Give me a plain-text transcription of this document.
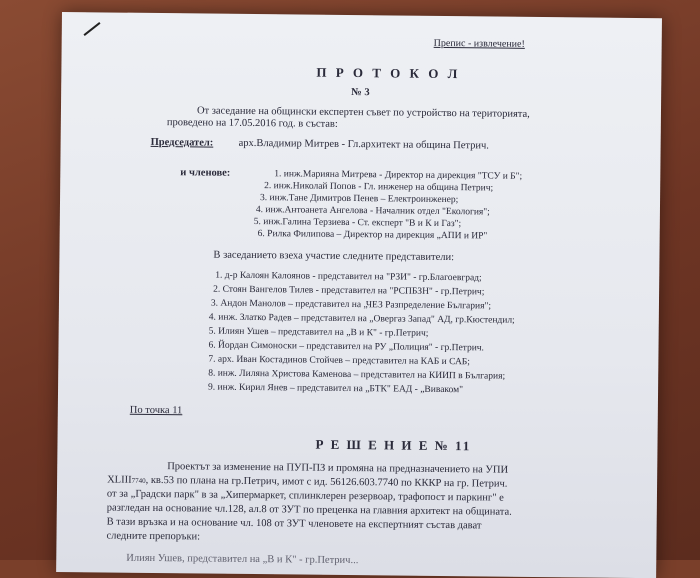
Препис - извлечение!
П Р О Т О К О Л
№ 3
От заседание на общински експертен съвет по устройство на територията,
проведено на 17.05.2016 год. в състав:
Председател: арх.Владимир Митрев - Гл.архитект на община Петрич.
и членове:	1. инж.Марияна Митрева - Директор на дирекция "ТСУ и Б";
2. инж.Николай Попов - Гл. инженер на община Петрич;
3. инж.Тане Димитров Пенев – Електроинженер;
4. инж.Антоанета Ангелова - Началник отдел "Екология";
5. инж.Галина Терзиева - Ст. експерт "В и К и Газ";
6. Рилка Филипова – Директор на дирекция „АПИ и ИР"
В заседанието взеха участие следните представители:
1. д-р Калоян Калоянов - представител на "РЗИ" - гр.Благоевград;
2. Стоян Вангелов Тилев - представител на "РСПБЗН" - гр.Петрич;
3. Андон Манолов – представител на „ЧЕЗ Разпределение България";
4. инж. Златко Радев – представител на „Овергаз Запад" АД, гр.Кюстендил;
5. Илиян Ушев – представител на „В и К" - гр.Петрич;
6. Йордан Симоноски – представител на РУ „Полиция" - гр.Петрич.
7. арх. Иван Костадинов Стойчев – представител на КАБ и САБ;
8. инж. Лиляна Христова Каменова – представител на КИИП в България;
9. инж. Кирил Янев – представител на „БТК" ЕАД - „Виваком"
По точка 11
Р Е Ш Е Н И Е № 11
Проектът за изменение на ПУП-ПЗ и промяна на предназначението на УПИ
XLIII7740, кв.53 по плана на гр.Петрич, имот с ид. 56126.603.7740 по КККР на гр. Петрич.
от за „Градски парк" в за „Хипермаркет, сплинклерен резервоар, трафопост и паркинг" е
разгледан на основание чл.128, ал.8 от ЗУТ по преценка на главния архитект на общината.
В тази връзка и на основание чл. 108 от ЗУТ членовете на експертният състав дават
следните препоръки:
Илиян Ушев, представител на „В и К" - гр.Петрич...
